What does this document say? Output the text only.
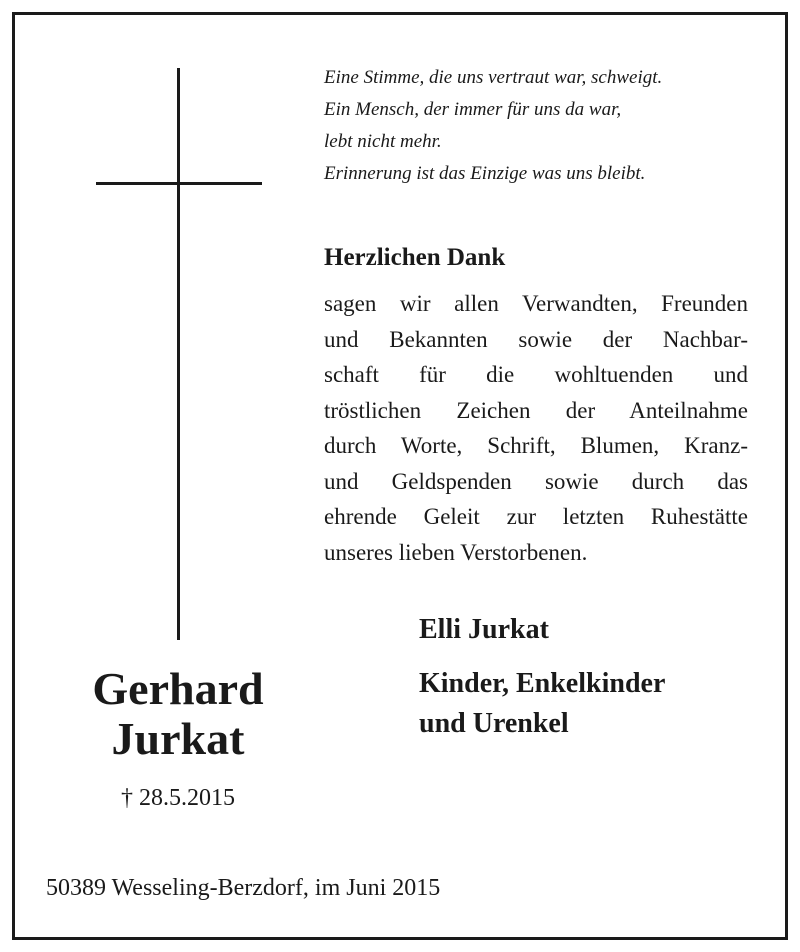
Eine Stimme, die uns vertraut war, schweigt.
Ein Mensch, der immer für uns da war,
lebt nicht mehr.
Erinnerung ist das Einzige was uns bleibt.
Herzlichen Dank
sagen wir allen Verwandten, Freunden
und Bekannten sowie der Nachbar-
schaft für die wohltuenden und
tröstlichen Zeichen der Anteilnahme
durch Worte, Schrift, Blumen, Kranz-
und Geldspenden sowie durch das
ehrende Geleit zur letzten Ruhestätte
unseres lieben Verstorbenen.
Elli Jurkat
Kinder, Enkelkinder
und Urenkel
Gerhard
Jurkat
† 28.5.2015
50389 Wesseling-Berzdorf, im Juni 2015
